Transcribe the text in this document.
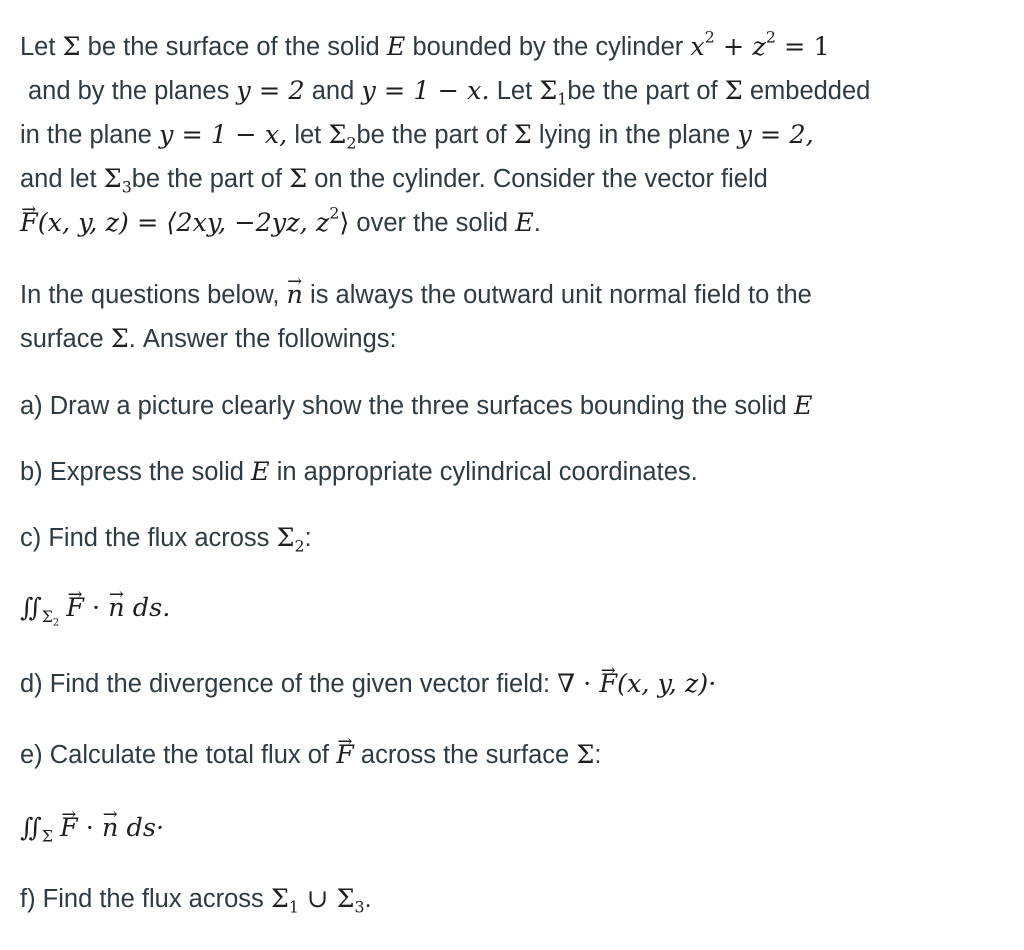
Let Σ be the surface of the solid E bounded by the cylinder $x^2 + z^2 = 1$
and by the planes y = 2 and y = 1 − x. Let $\Sigma_1be$ the part of Σ embedded
in the plane y = 1 − x, let $\Sigma_2be$ the part of Σ lying in the plane y = 2,
and let $\Sigma_3be$ the part of Σ on the cylinder. Consider the vector field
→ F(x, y, z) = ⟨2xy, −2yz, $z^2⟩$ over the solid E.
In the questions below, → n is always the outward unit normal field to the
surface Σ. Answer the followings:
a) Draw a picture clearly show the three surfaces bounding the solid E
b) Express the solid E in appropriate cylindrical coordinates.
c) Find the flux across $\Sigma_2$:
$∬_{\Sigma_2} \to F$ · → n ds.
d) Find the divergence of the given vector field: ∇ · → F(x, y, z)·
e) Calculate the total flux of → F across the surface Σ:
$∬_\Sigma \to F$ · → n ds·
f) Find the flux across $\Sigma_1$ ∪ $\Sigma_3$.
